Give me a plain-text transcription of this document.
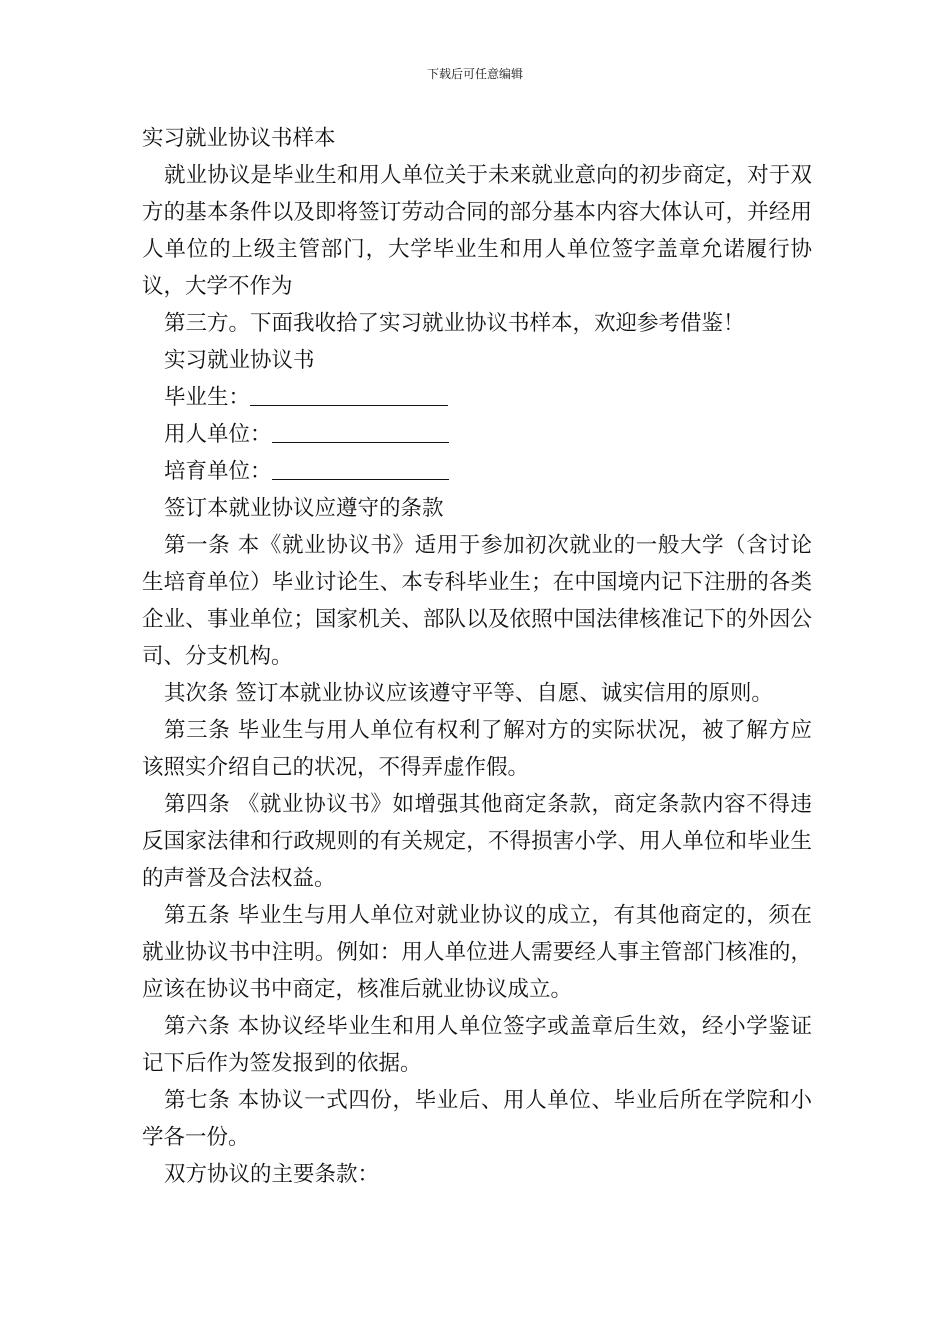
下载后可任意编辑

实习就业协议书样本

就业协议是毕业生和用人单位关于未来就业意向的初步商定，对于双方的基本条件以及即将签订劳动合同的部分基本内容大体认可，并经用人单位的上级主管部门，大学毕业生和用人单位签字盖章允诺履行协议，大学不作为

第三方。下面我收拾了实习就业协议书样本，欢迎参考借鉴！

实习就业协议书

毕业生：
用人单位：
培育单位：

签订本就业协议应遵守的条款

第一条 本《就业协议书》适用于参加初次就业的一般大学（含讨论生培育单位）毕业讨论生、本专科毕业生；在中国境内记下注册的各类企业、事业单位；国家机关、部队以及依照中国法律核准记下的外因公司、分支机构。

其次条 签订本就业协议应该遵守平等、自愿、诚实信用的原则。

第三条 毕业生与用人单位有权利了解对方的实际状况，被了解方应该照实介绍自己的状况，不得弄虚作假。

第四条 《就业协议书》如增强其他商定条款，商定条款内容不得违反国家法律和行政规则的有关规定，不得损害小学、用人单位和毕业生的声誉及合法权益。

第五条 毕业生与用人单位对就业协议的成立，有其他商定的，须在就业协议书中注明。例如：用人单位进人需要经人事主管部门核准的，应该在协议书中商定，核准后就业协议成立。

第六条 本协议经毕业生和用人单位签字或盖章后生效，经小学鉴证记下后作为签发报到的依据。

第七条 本协议一式四份，毕业后、用人单位、毕业后所在学院和小学各一份。

双方协议的主要条款：
